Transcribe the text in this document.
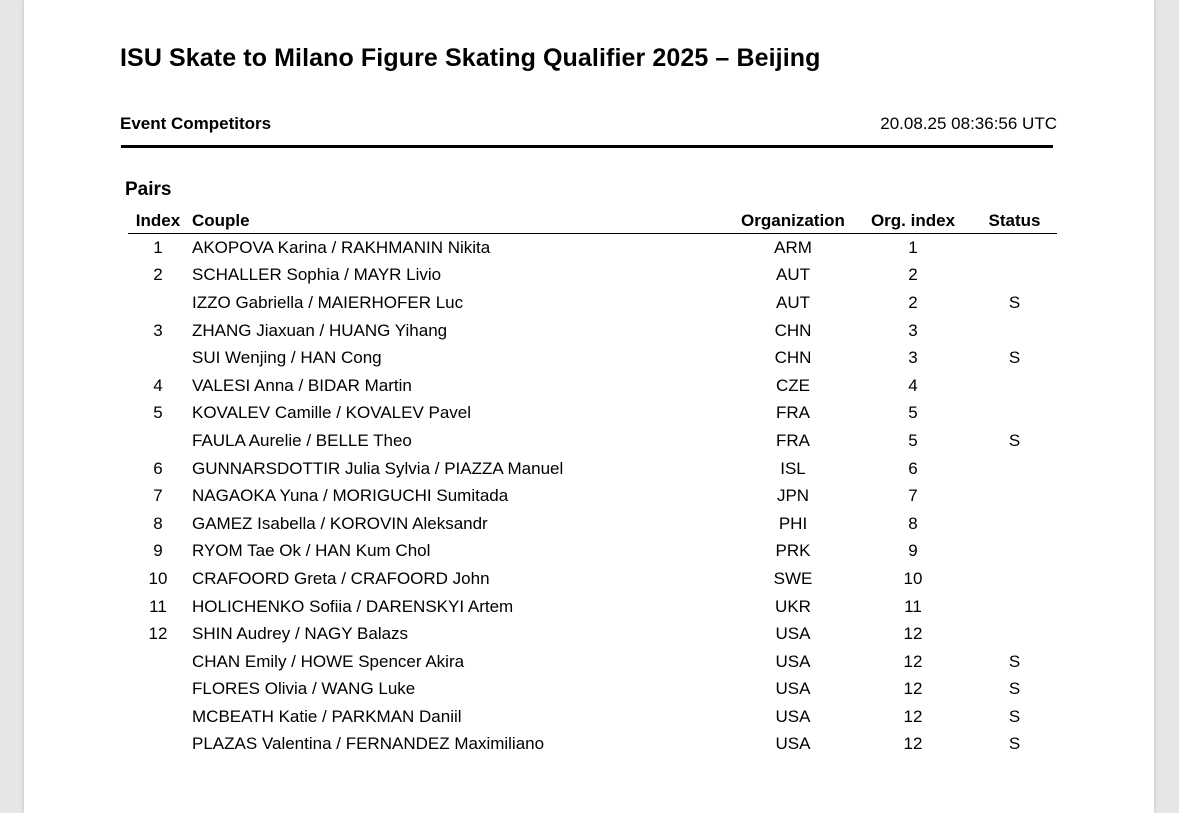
ISU Skate to Milano Figure Skating Qualifier 2025 – Beijing
Event Competitors	20.08.25 08:36:56 UTC
Pairs
Index	Couple	Organization	Org. index	Status
1	AKOPOVA Karina / RAKHMANIN Nikita	ARM	1	
2	SCHALLER Sophia / MAYR Livio	AUT	2	
	IZZO Gabriella / MAIERHOFER Luc	AUT	2	S
3	ZHANG Jiaxuan / HUANG Yihang	CHN	3	
	SUI Wenjing / HAN Cong	CHN	3	S
4	VALESI Anna / BIDAR Martin	CZE	4	
5	KOVALEV Camille / KOVALEV Pavel	FRA	5	
	FAULA Aurelie / BELLE Theo	FRA	5	S
6	GUNNARSDOTTIR Julia Sylvia / PIAZZA Manuel	ISL	6	
7	NAGAOKA Yuna / MORIGUCHI Sumitada	JPN	7	
8	GAMEZ Isabella / KOROVIN Aleksandr	PHI	8	
9	RYOM Tae Ok / HAN Kum Chol	PRK	9	
10	CRAFOORD Greta / CRAFOORD John	SWE	10	
11	HOLICHENKO Sofiia / DARENSKYI Artem	UKR	11	
12	SHIN Audrey / NAGY Balazs	USA	12	
	CHAN Emily / HOWE Spencer Akira	USA	12	S
	FLORES Olivia / WANG Luke	USA	12	S
	MCBEATH Katie / PARKMAN Daniil	USA	12	S
	PLAZAS Valentina / FERNANDEZ Maximiliano	USA	12	S
